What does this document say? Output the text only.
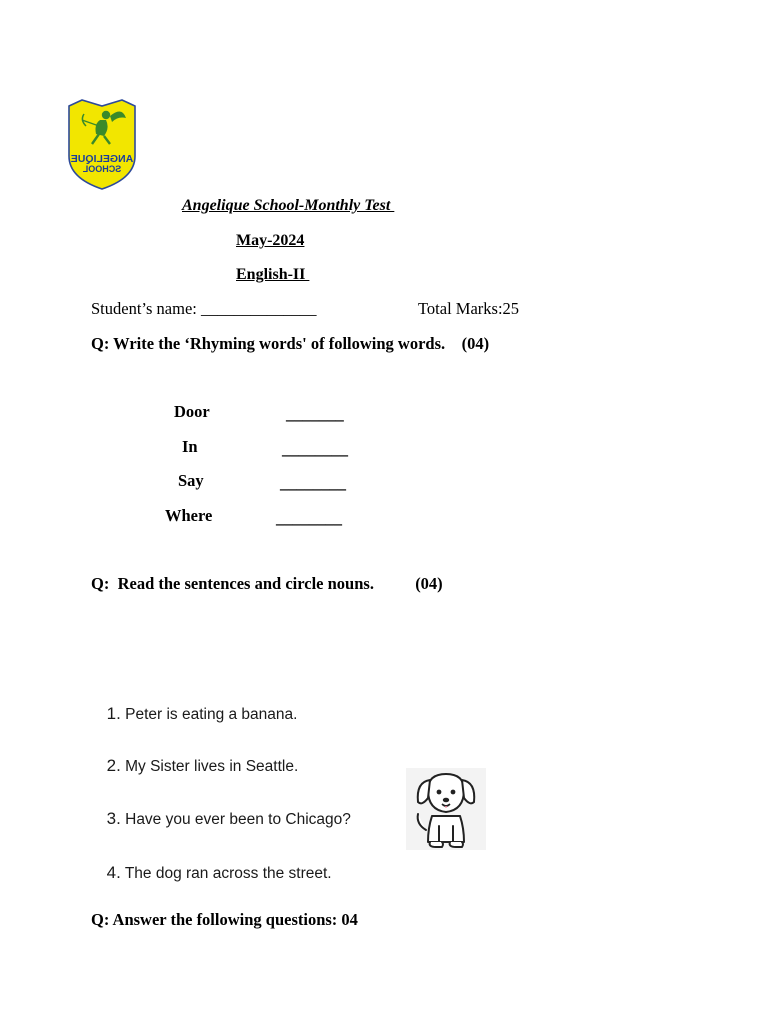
ANGELIQUE
SCHOOL
Angelique School-Monthly Test
May-2024
English-II
Student’s name: ______________	Total Marks:25
Q: Write the ‘Rhyming words' of following words.    (04)
Door	_______
In	________
Say	________
Where	________
Q:  Read the sentences and circle nouns.          (04)

1. Peter is eating a banana.

2. My Sister lives in Seattle.

3. Have you ever been to Chicago?

4. The dog ran across the street.

Q: Answer the following questions: 04
